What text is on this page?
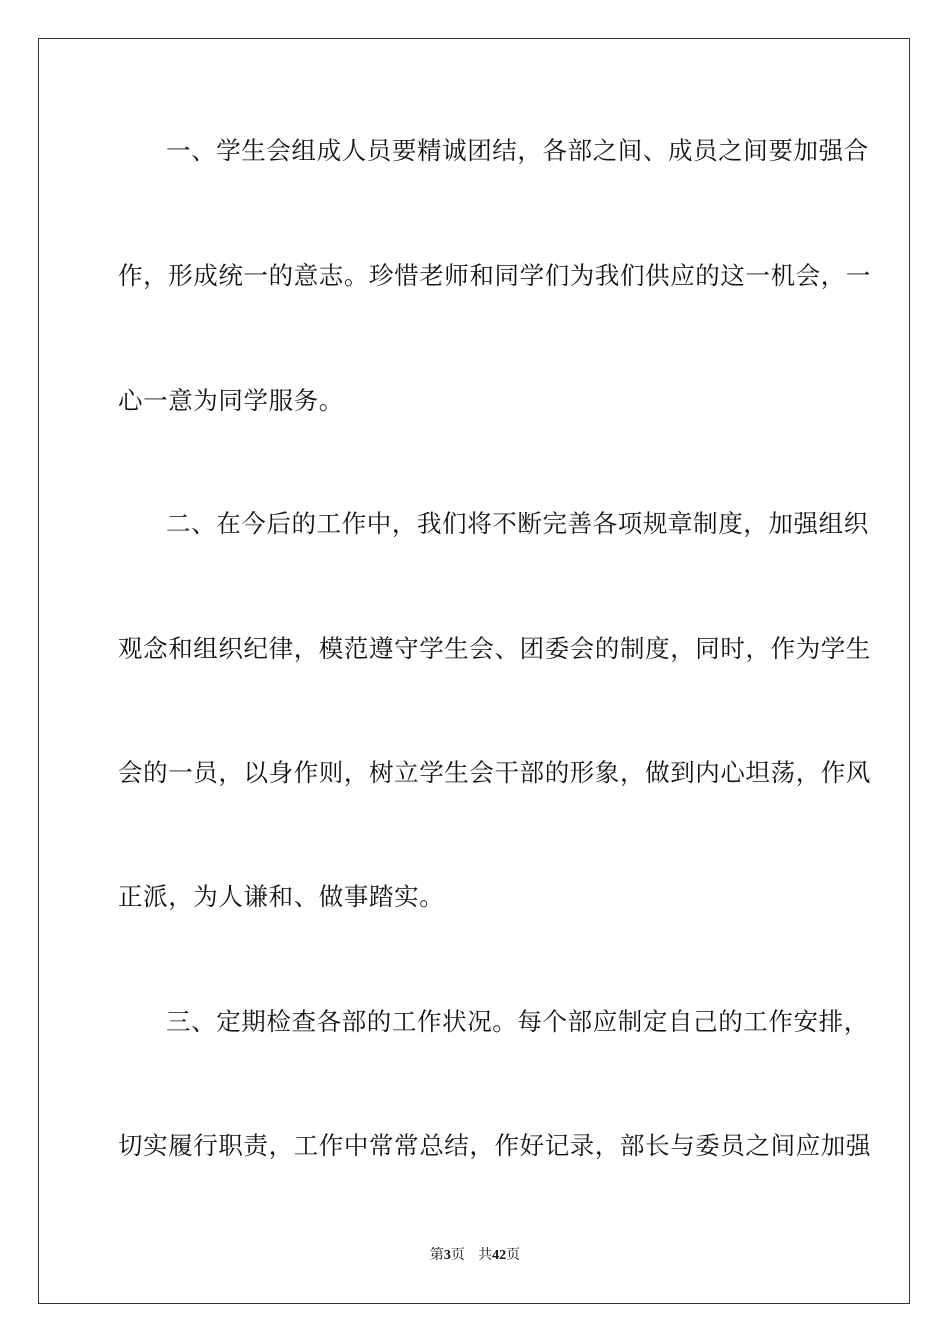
一、学生会组成人员要精诚团结，各部之间、成员之间要加强合
作，形成统一的意志。珍惜老师和同学们为我们供应的这一机会，一
心一意为同学服务。
二、在今后的工作中，我们将不断完善各项规章制度，加强组织
观念和组织纪律，模范遵守学生会、团委会的制度，同时，作为学生
会的一员，以身作则，树立学生会干部的形象，做到内心坦荡，作风
正派，为人谦和、做事踏实。
三、定期检查各部的工作状况。每个部应制定自己的工作安排，
切实履行职责，工作中常常总结，作好记录，部长与委员之间应加强
第3页 共42页
